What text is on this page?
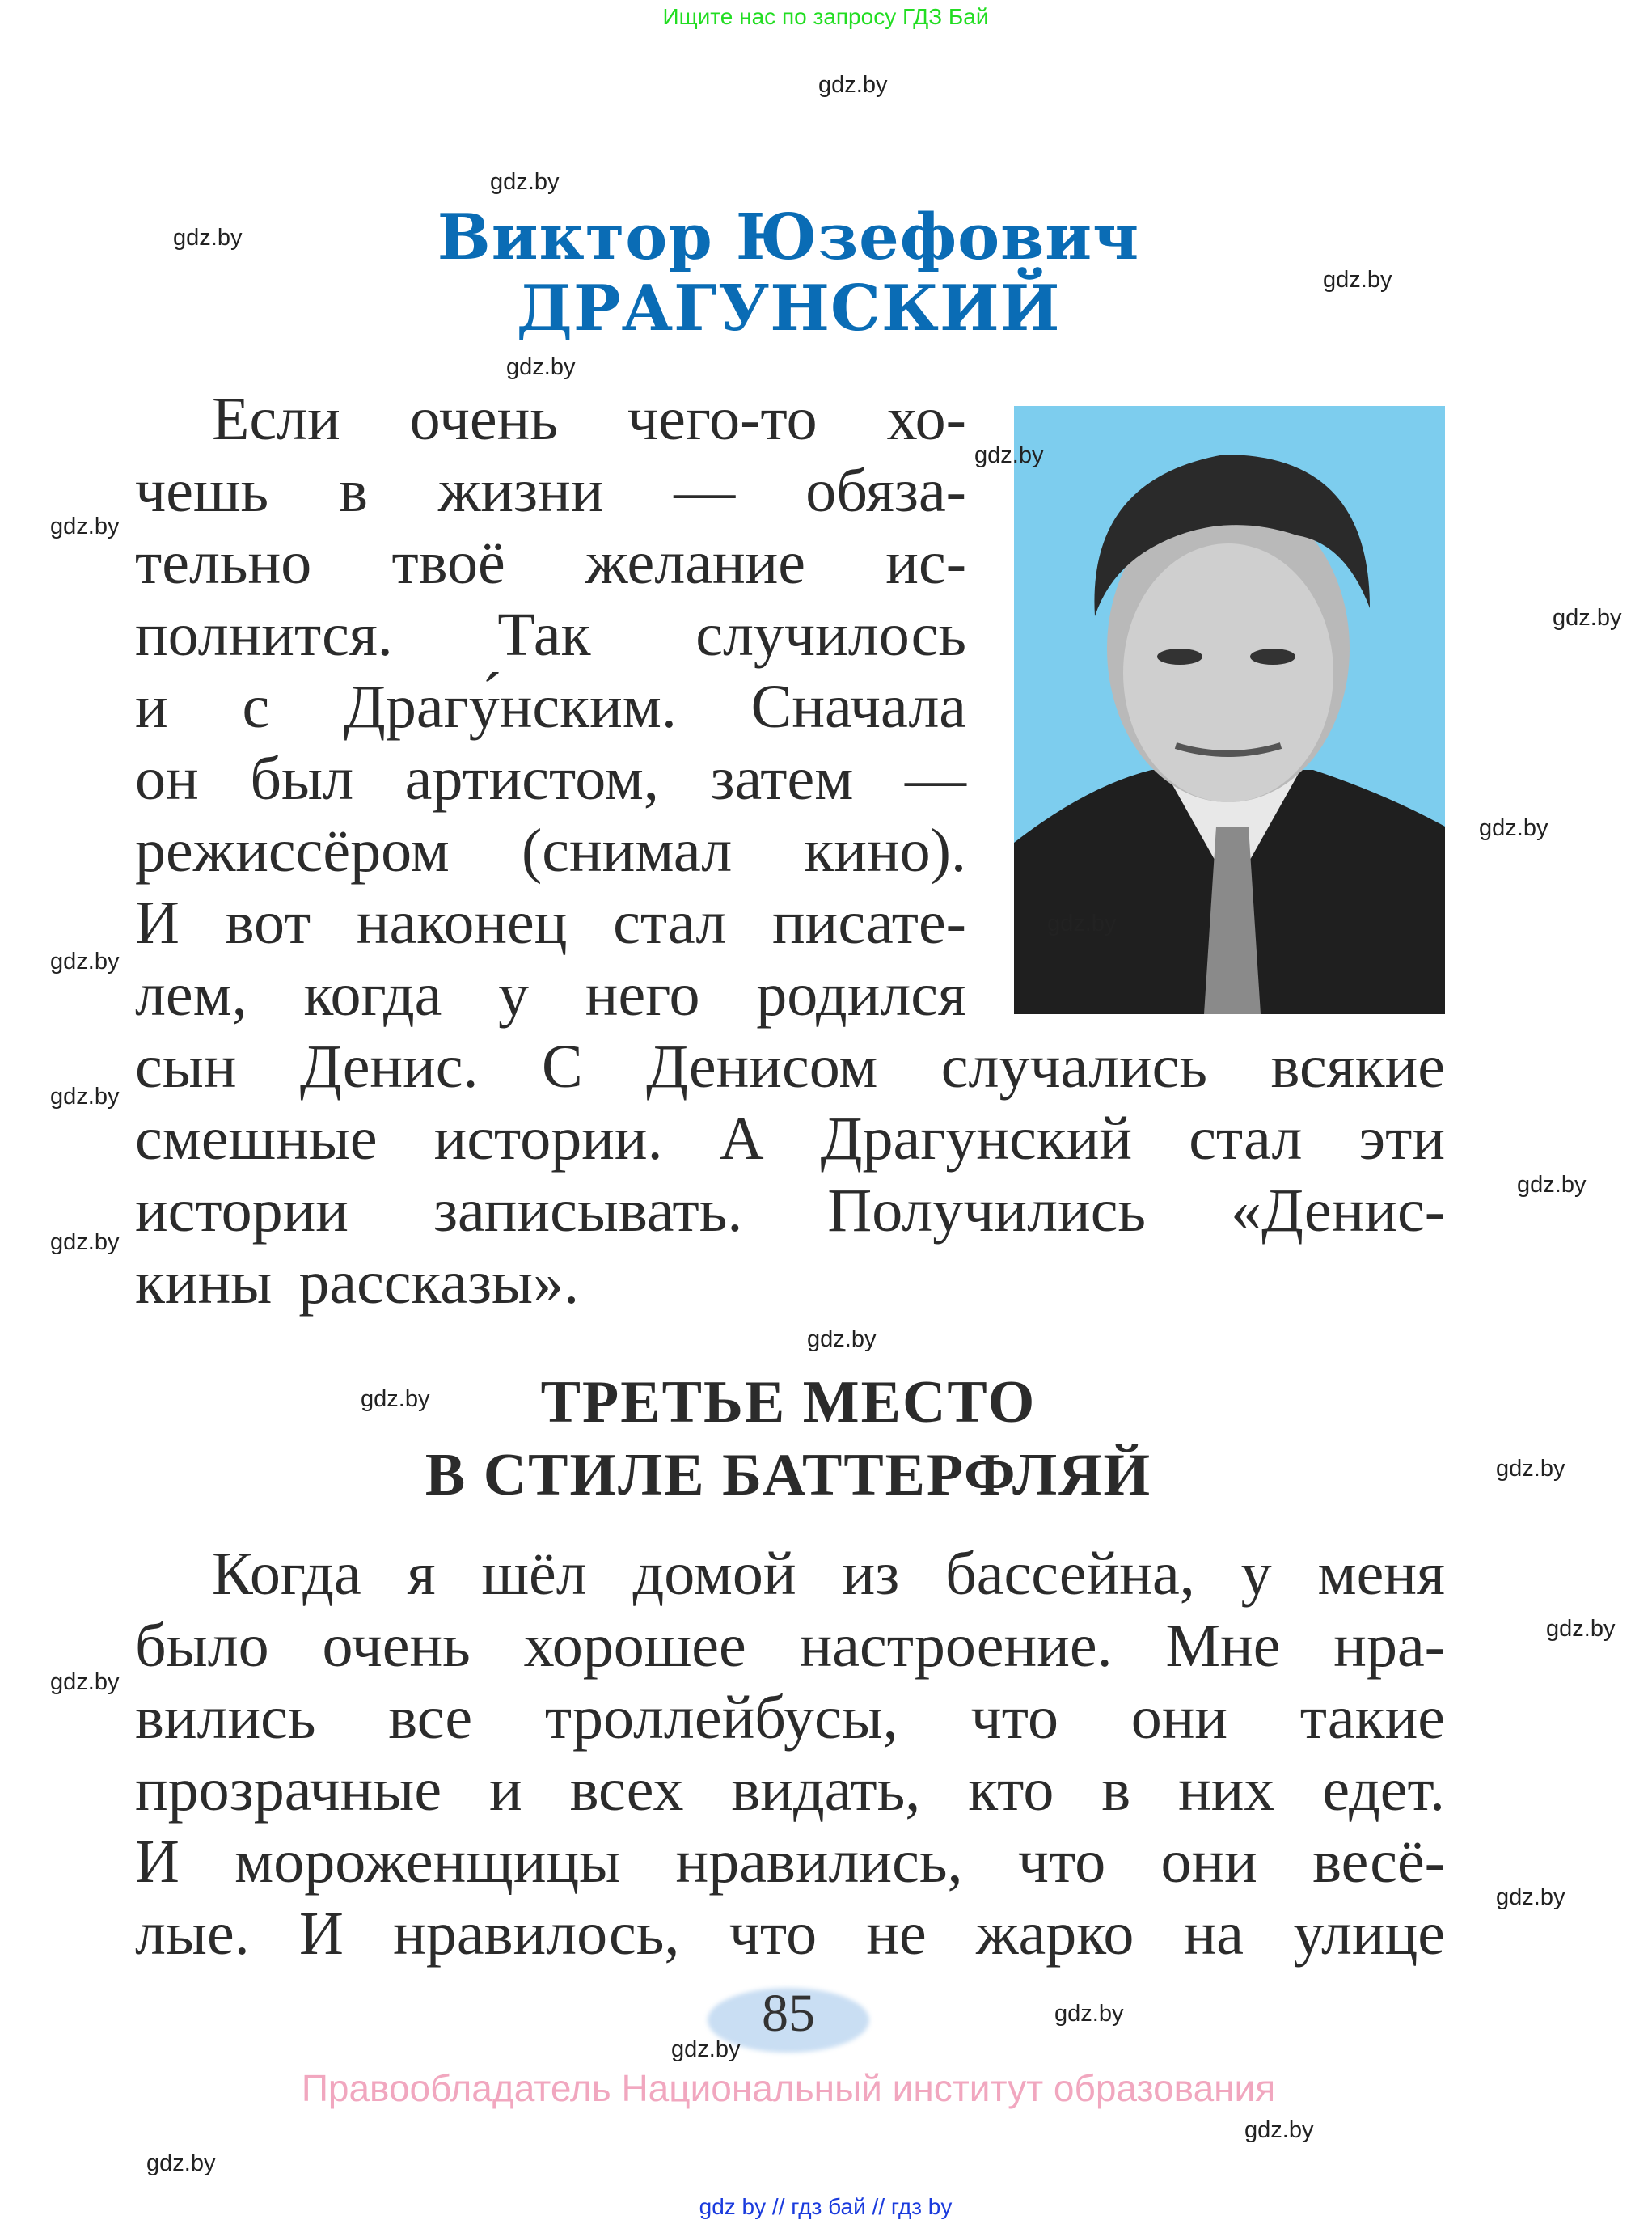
Ищите нас по запросу ГДЗ Бай
Виктор Юзефович
ДРАГУНСКИЙ
Если очень чего-то хо-
чешь в жизни — обяза-
тельно твоё желание ис-
полнится. Так случилось
и с Драгу́нским. Сначала
он был артистом, затем —
режиссёром (снимал кино).
И вот наконец стал писате-
лем, когда у него родился
сын Денис. С Денисом случались всякие
смешные истории. А Драгунский стал эти
истории записывать. Получились «Денис-
кины рассказы».
ТРЕТЬЕ МЕСТО
В СТИЛЕ БАТТЕРФЛЯЙ
Когда я шёл домой из бассейна, у меня
было очень хорошее настроение. Мне нра-
вились все троллейбусы, что они такие
прозрачные и всех видать, кто в них едет.
И мороженщицы нравились, что они весё-
лые. И нравилось, что не жарко на улице
85
Правообладатель Национальный институт образования
gdz by // гдз бай // гдз by
gdz.by
gdz.by
gdz.by
gdz.by
gdz.by
gdz.by
gdz.by
gdz.by
gdz.by
gdz.by
gdz.by
gdz.by
gdz.by
gdz.by
gdz.by
gdz.by
gdz.by
gdz.by
gdz.by
gdz.by
gdz.by
gdz.by
gdz.by
gdz.by
